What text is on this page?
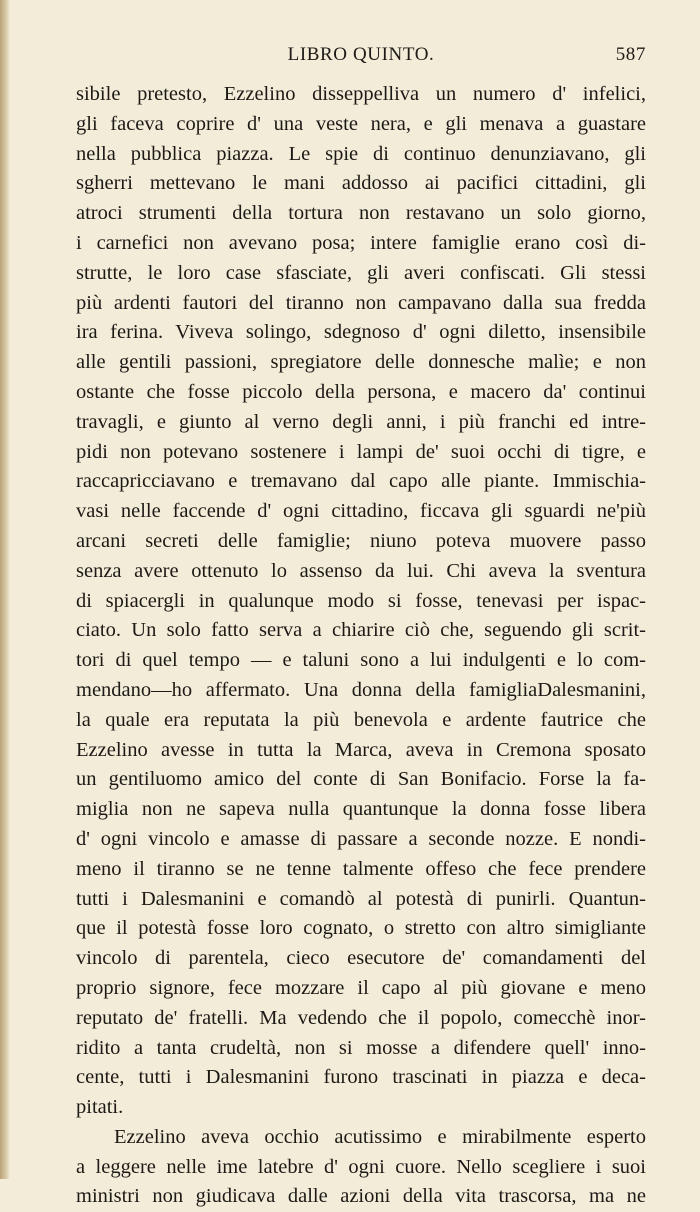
LIBRO QUINTO.	587
sibile pretesto, Ezzelino disseppelliva un numero d' infelici,
gli faceva coprire d' una veste nera, e gli menava a guastare
nella pubblica piazza. Le spie di continuo denunziavano, gli
sgherri mettevano le mani addosso ai pacifici cittadini, gli
atroci strumenti della tortura non restavano un solo giorno,
i carnefici non avevano posa; intere famiglie erano così di-
strutte, le loro case sfasciate, gli averi confiscati. Gli stessi
più ardenti fautori del tiranno non campavano dalla sua fredda
ira ferina. Viveva solingo, sdegnoso d' ogni diletto, insensibile
alle gentili passioni, spregiatore delle donnesche malìe; e non
ostante che fosse piccolo della persona, e macero da' continui
travagli, e giunto al verno degli anni, i più franchi ed intre-
pidi non potevano sostenere i lampi de' suoi occhi di tigre, e
raccapricciavano e tremavano dal capo alle piante. Immischia-
vasi nelle faccende d' ogni cittadino, ficcava gli sguardi ne'più
arcani secreti delle famiglie; niuno poteva muovere passo
senza avere ottenuto lo assenso da lui. Chi aveva la sventura
di spiacergli in qualunque modo si fosse, tenevasi per ispac-
ciato. Un solo fatto serva a chiarire ciò che, seguendo gli scrit-
tori di quel tempo — e taluni sono a lui indulgenti e lo com-
mendano—ho affermato. Una donna della famigliaDalesmanini,
la quale era reputata la più benevola e ardente fautrice che
Ezzelino avesse in tutta la Marca, aveva in Cremona sposato
un gentiluomo amico del conte di San Bonifacio. Forse la fa-
miglia non ne sapeva nulla quantunque la donna fosse libera
d' ogni vincolo e amasse di passare a seconde nozze. E nondi-
meno il tiranno se ne tenne talmente offeso che fece prendere
tutti i Dalesmanini e comandò al potestà di punirli. Quantun-
que il potestà fosse loro cognato, o stretto con altro simigliante
vincolo di parentela, cieco esecutore de' comandamenti del
proprio signore, fece mozzare il capo al più giovane e meno
reputato de' fratelli. Ma vedendo che il popolo, comecchè inor-
ridito a tanta crudeltà, non si mosse a difendere quell' inno-
cente, tutti i Dalesmanini furono trascinati in piazza e deca-
pitati.
Ezzelino aveva occhio acutissimo e mirabilmente esperto
a leggere nelle ime latebre d' ogni cuore. Nello scegliere i suoi
ministri non giudicava dalle azioni della vita trascorsa, ma ne
